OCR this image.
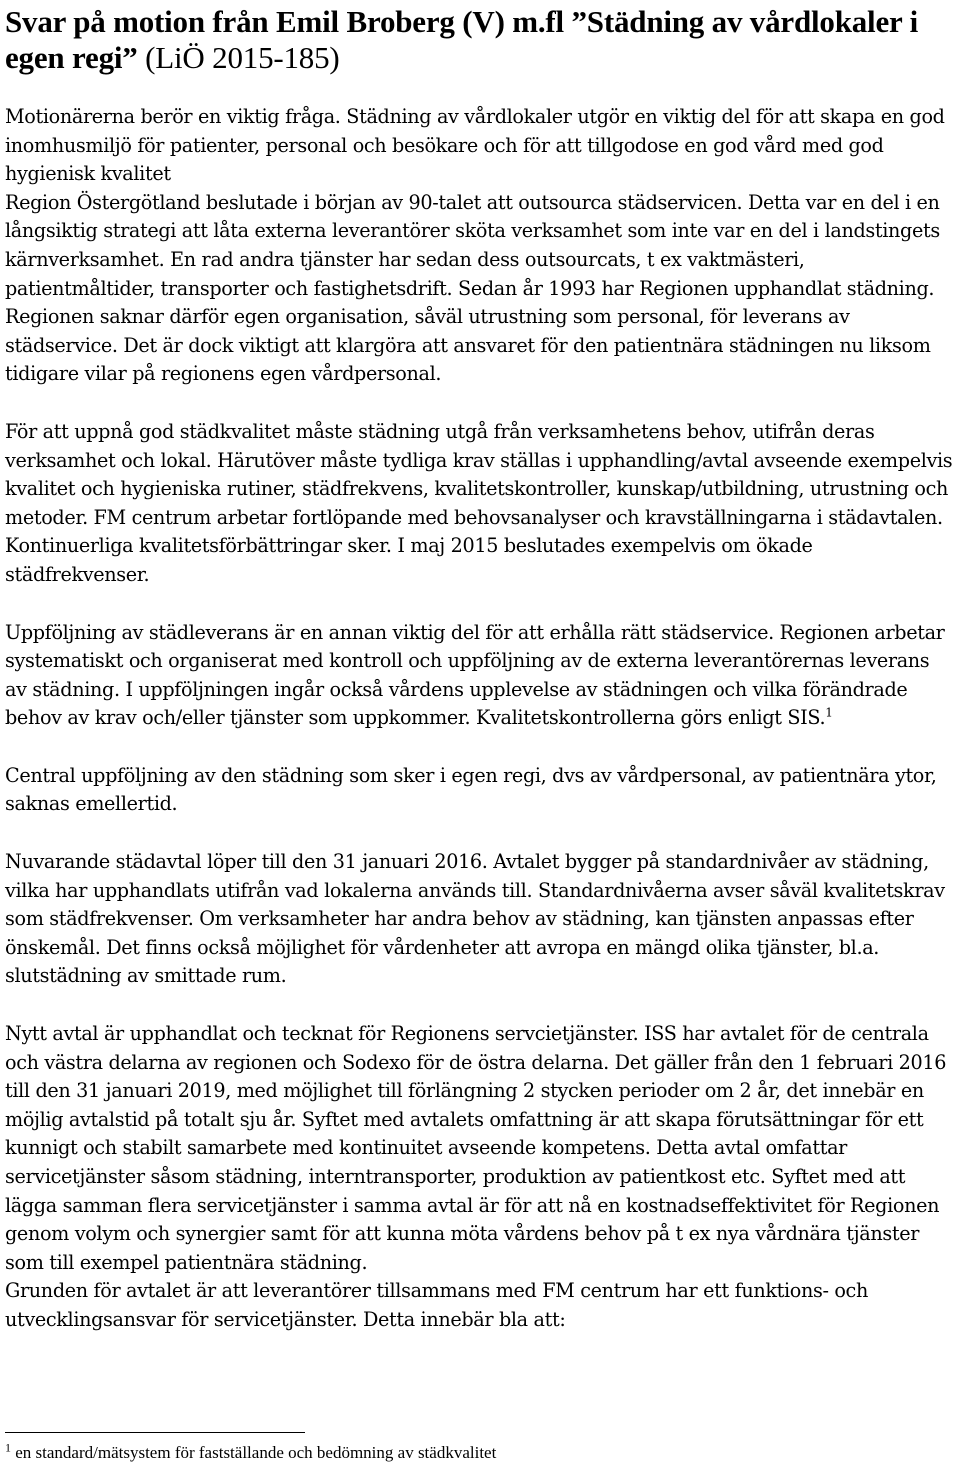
Svar på motion från Emil Broberg (V) m.fl ”Städning av vårdlokaler i egen regi” (LiÖ 2015-185)

Motionärerna berör en viktig fråga. Städning av vårdlokaler utgör en viktig del för att skapa en god inomhusmiljö för patienter, personal och besökare och för att tillgodose en god vård med god hygienisk kvalitet

Region Östergötland beslutade i början av 90-talet att outsourca städservicen. Detta var en del i en långsiktig strategi att låta externa leverantörer sköta verksamhet som inte var en del i landstingets kärnverksamhet. En rad andra tjänster har sedan dess outsourcats, t ex vaktmästeri, patientmåltider, transporter och fastighetsdrift. Sedan år 1993 har Regionen upphandlat städning. Regionen saknar därför egen organisation, såväl utrustning som personal, för leverans av städservice. Det är dock viktigt att klargöra att ansvaret för den patientnära städningen nu liksom tidigare vilar på regionens egen vårdpersonal.

För att uppnå god städkvalitet måste städning utgå från verksamhetens behov, utifrån deras verksamhet och lokal. Härutöver måste tydliga krav ställas i upphandling/avtal avseende exempelvis kvalitet och hygieniska rutiner, städfrekvens, kvalitetskontroller, kunskap/utbildning, utrustning och metoder. FM centrum arbetar fortlöpande med behovsanalyser och kravställningarna i städavtalen. Kontinuerliga kvalitetsförbättringar sker. I maj 2015 beslutades exempelvis om ökade städfrekvenser.

Uppföljning av städleverans är en annan viktig del för att erhålla rätt städservice. Regionen arbetar systematiskt och organiserat med kontroll och uppföljning av de externa leverantörernas leverans av städning. I uppföljningen ingår också vårdens upplevelse av städningen och vilka förändrade behov av krav och/eller tjänster som uppkommer. Kvalitetskontrollerna görs enligt SIS.$^1$

Central uppföljning av den städning som sker i egen regi, dvs av vårdpersonal, av patientnära ytor, saknas emellertid.

Nuvarande städavtal löper till den 31 januari 2016. Avtalet bygger på standardnivåer av städning, vilka har upphandlats utifrån vad lokalerna används till. Standardnivåerna avser såväl kvalitetskrav som städfrekvenser. Om verksamheter har andra behov av städning, kan tjänsten anpassas efter önskemål. Det finns också möjlighet för vårdenheter att avropa en mängd olika tjänster, bl.a. slutstädning av smittade rum.

Nytt avtal är upphandlat och tecknat för Regionens servcietjänster. ISS har avtalet för de centrala och västra delarna av regionen och Sodexo för de östra delarna. Det gäller från den 1 februari 2016 till den 31 januari 2019, med möjlighet till förlängning 2 stycken perioder om 2 år, det innebär en möjlig avtalstid på totalt sju år. Syftet med avtalets omfattning är att skapa förutsättningar för ett kunnigt och stabilt samarbete med kontinuitet avseende kompetens. Detta avtal omfattar servicetjänster såsom städning, interntransporter, produktion av patientkost etc. Syftet med att lägga samman flera servicetjänster i samma avtal är för att nå en kostnadseffektivitet för Regionen genom volym och synergier samt för att kunna möta vårdens behov på t ex nya vårdnära tjänster som till exempel patientnära städning.

Grunden för avtalet är att leverantörer tillsammans med FM centrum har ett funktions- och utvecklingsansvar för servicetjänster. Detta innebär bla att:

$^1$ en standard/mätsystem för fastställande och bedömning av städkvalitet
